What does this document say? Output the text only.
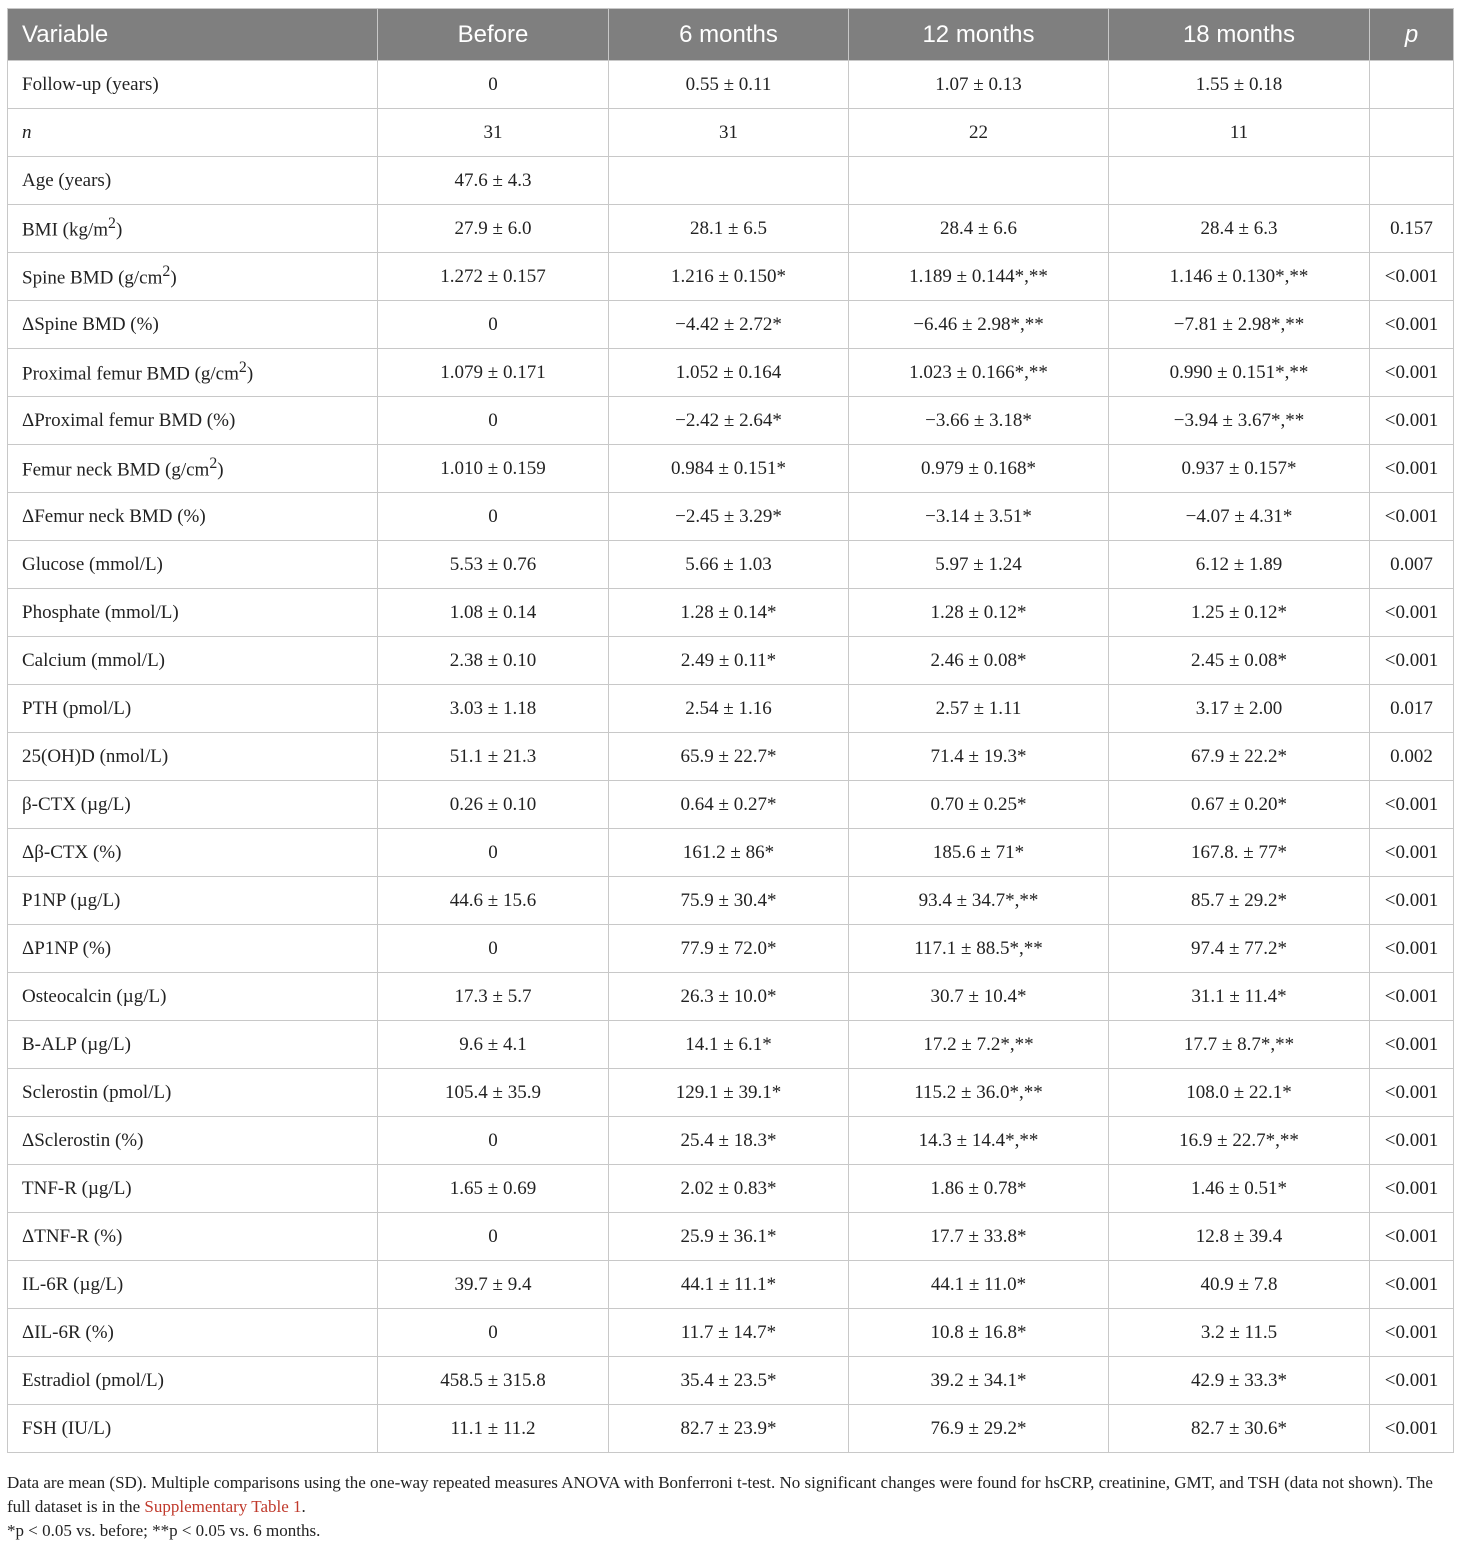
Variable	Before	6 months	12 months	18 months	p
Follow-up (years)	0	0.55 ± 0.11	1.07 ± 0.13	1.55 ± 0.18	
n	31	31	22	11	
Age (years)	47.6 ± 4.3				
BMI $(kg/m^2)$	27.9 ± 6.0	28.1 ± 6.5	28.4 ± 6.6	28.4 ± 6.3	0.157
Spine BMD $(g/cm^2)$	1.272 ± 0.157	1.216 ± 0.150*	1.189 ± 0.144*,**	1.146 ± 0.130*,**	<0.001
ΔSpine BMD (%)	0	−4.42 ± 2.72*	−6.46 ± 2.98*,**	−7.81 ± 2.98*,**	<0.001
Proximal femur BMD $(g/cm^2)$	1.079 ± 0.171	1.052 ± 0.164	1.023 ± 0.166*,**	0.990 ± 0.151*,**	<0.001
ΔProximal femur BMD (%)	0	−2.42 ± 2.64*	−3.66 ± 3.18*	−3.94 ± 3.67*,**	<0.001
Femur neck BMD $(g/cm^2)$	1.010 ± 0.159	0.984 ± 0.151*	0.979 ± 0.168*	0.937 ± 0.157*	<0.001
ΔFemur neck BMD (%)	0	−2.45 ± 3.29*	−3.14 ± 3.51*	−4.07 ± 4.31*	<0.001
Glucose (mmol/L)	5.53 ± 0.76	5.66 ± 1.03	5.97 ± 1.24	6.12 ± 1.89	0.007
Phosphate (mmol/L)	1.08 ± 0.14	1.28 ± 0.14*	1.28 ± 0.12*	1.25 ± 0.12*	<0.001
Calcium (mmol/L)	2.38 ± 0.10	2.49 ± 0.11*	2.46 ± 0.08*	2.45 ± 0.08*	<0.001
PTH (pmol/L)	3.03 ± 1.18	2.54 ± 1.16	2.57 ± 1.11	3.17 ± 2.00	0.017
25(OH)D (nmol/L)	51.1 ± 21.3	65.9 ± 22.7*	71.4 ± 19.3*	67.9 ± 22.2*	0.002
β-CTX (µg/L)	0.26 ± 0.10	0.64 ± 0.27*	0.70 ± 0.25*	0.67 ± 0.20*	<0.001
Δβ-CTX (%)	0	161.2 ± 86*	185.6 ± 71*	167.8. ± 77*	<0.001
P1NP (µg/L)	44.6 ± 15.6	75.9 ± 30.4*	93.4 ± 34.7*,**	85.7 ± 29.2*	<0.001
ΔP1NP (%)	0	77.9 ± 72.0*	117.1 ± 88.5*,**	97.4 ± 77.2*	<0.001
Osteocalcin (µg/L)	17.3 ± 5.7	26.3 ± 10.0*	30.7 ± 10.4*	31.1 ± 11.4*	<0.001
B-ALP (µg/L)	9.6 ± 4.1	14.1 ± 6.1*	17.2 ± 7.2*,**	17.7 ± 8.7*,**	<0.001
Sclerostin (pmol/L)	105.4 ± 35.9	129.1 ± 39.1*	115.2 ± 36.0*,**	108.0 ± 22.1*	<0.001
ΔSclerostin (%)	0	25.4 ± 18.3*	14.3 ± 14.4*,**	16.9 ± 22.7*,**	<0.001
TNF-R (µg/L)	1.65 ± 0.69	2.02 ± 0.83*	1.86 ± 0.78*	1.46 ± 0.51*	<0.001
ΔTNF-R (%)	0	25.9 ± 36.1*	17.7 ± 33.8*	12.8 ± 39.4	<0.001
IL-6R (µg/L)	39.7 ± 9.4	44.1 ± 11.1*	44.1 ± 11.0*	40.9 ± 7.8	<0.001
ΔIL-6R (%)	0	11.7 ± 14.7*	10.8 ± 16.8*	3.2 ± 11.5	<0.001
Estradiol (pmol/L)	458.5 ± 315.8	35.4 ± 23.5*	39.2 ± 34.1*	42.9 ± 33.3*	<0.001
FSH (IU/L)	11.1 ± 11.2	82.7 ± 23.9*	76.9 ± 29.2*	82.7 ± 30.6*	<0.001

Data are mean (SD). Multiple comparisons using the one-way repeated measures ANOVA with Bonferroni t-test. No significant changes were found for hsCRP, creatinine, GMT, and TSH (data not shown). The full dataset is in the Supplementary Table 1.

*p < 0.05 vs. before; **p < 0.05 vs. 6 months.
